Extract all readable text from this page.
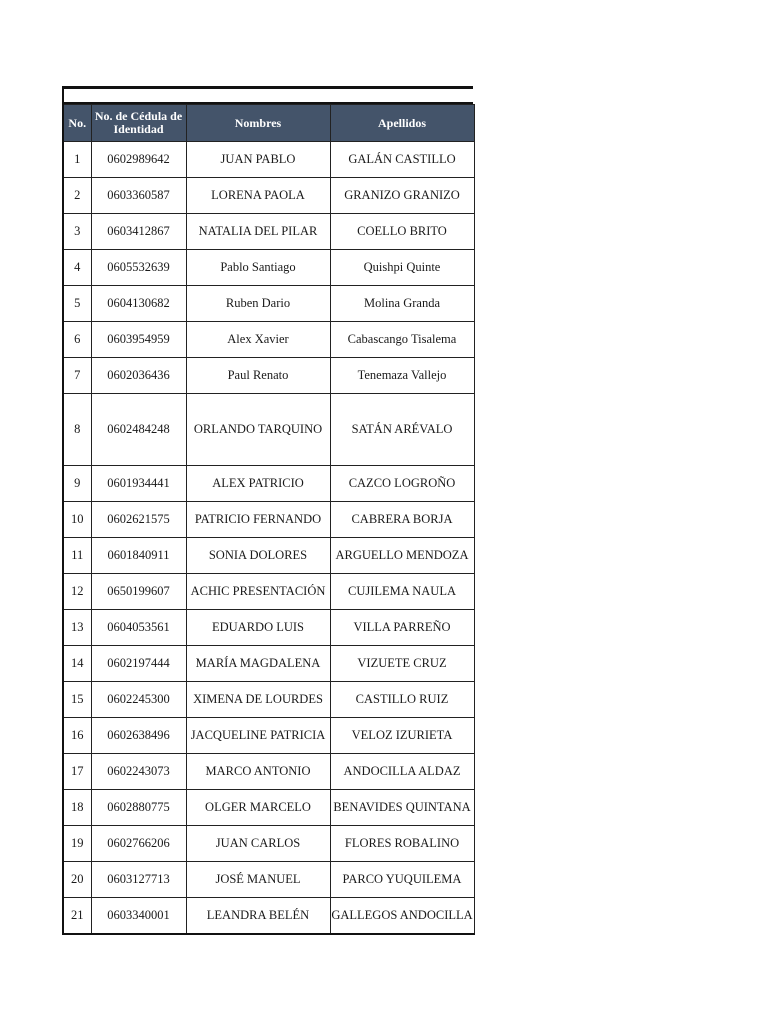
No.	No. de Cédula de Identidad	Nombres	Apellidos
1	0602989642	JUAN PABLO	GALÁN CASTILLO
2	0603360587	LORENA PAOLA	GRANIZO GRANIZO
3	0603412867	NATALIA DEL PILAR	COELLO BRITO
4	0605532639	Pablo Santiago	Quishpi Quinte
5	0604130682	Ruben Dario	Molina Granda
6	0603954959	Alex Xavier	Cabascango Tisalema
7	0602036436	Paul Renato	Tenemaza Vallejo
8	0602484248	ORLANDO TARQUINO	SATÁN ARÉVALO
9	0601934441	ALEX PATRICIO	CAZCO LOGROÑO
10	0602621575	PATRICIO FERNANDO	CABRERA BORJA
11	0601840911	SONIA DOLORES	ARGUELLO MENDOZA
12	0650199607	ACHIC PRESENTACIÓN	CUJILEMA NAULA
13	0604053561	EDUARDO LUIS	VILLA PARREÑO
14	0602197444	MARÍA MAGDALENA	VIZUETE CRUZ
15	0602245300	XIMENA DE LOURDES	CASTILLO RUIZ
16	0602638496	JACQUELINE PATRICIA	VELOZ IZURIETA
17	0602243073	MARCO ANTONIO	ANDOCILLA ALDAZ
18	0602880775	OLGER MARCELO	BENAVIDES QUINTANA
19	0602766206	JUAN CARLOS	FLORES ROBALINO
20	0603127713	JOSÉ MANUEL	PARCO YUQUILEMA
21	0603340001	LEANDRA BELÉN	GALLEGOS ANDOCILLA
